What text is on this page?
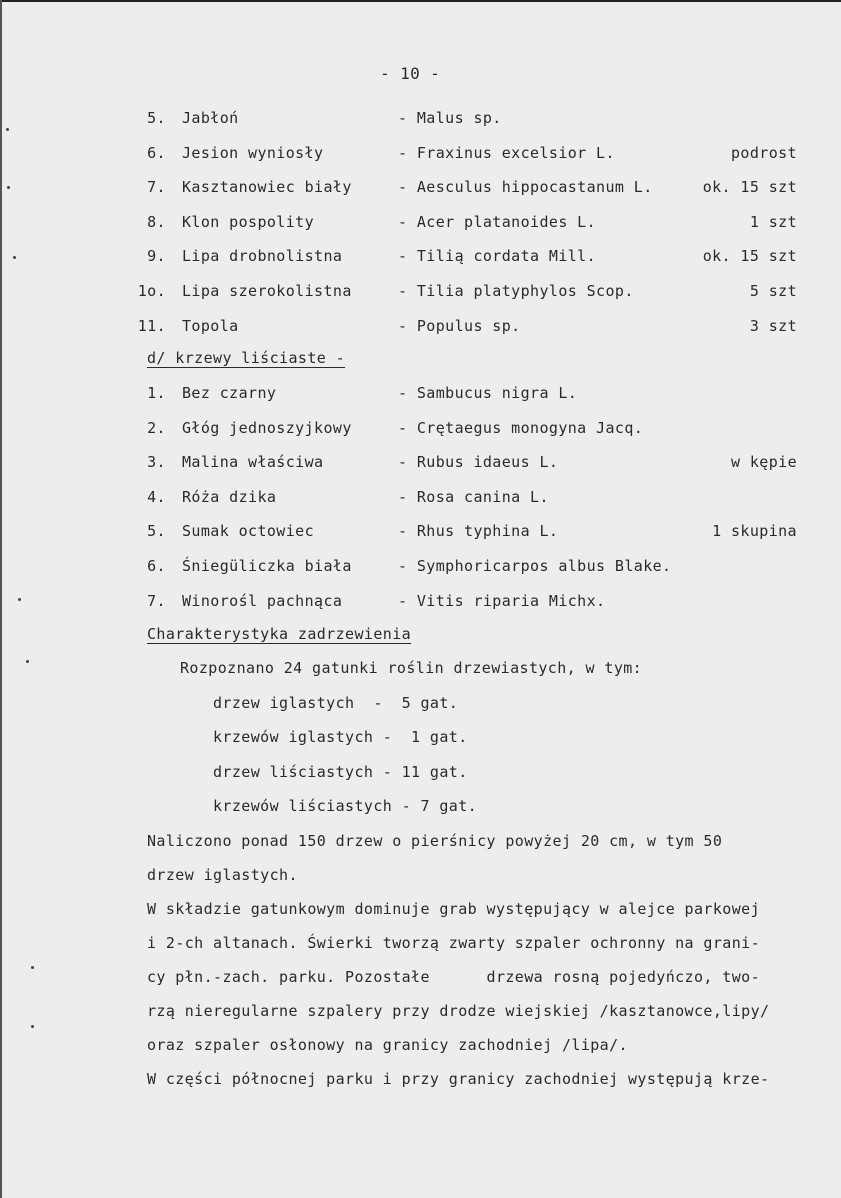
- 10 -
5. Jabłoń	- Malus sp.
6. Jesion wyniosły	- Fraxinus excelsior L.	podrost
7. Kasztanowiec biały	- Aesculus hippocastanum L.	ok. 15 szt
8. Klon pospolity	- Acer platanoides L.	1 szt
9. Lipa drobnolistna	- Tilią cordata Mill.	ok. 15 szt
1o. Lipa szerokolistna	- Tilia platyphylos Scop.	5 szt
11. Topola	- Populus sp.	3 szt
d/ krzewy liściaste -
1. Bez czarny	- Sambucus nigra L.
2. Głóg jednoszyjkowy	- Crętaegus monogyna Jacq.
3. Malina właściwa	- Rubus idaeus L.	w kępie
4. Róża dzika	- Rosa canina L.
5. Sumak octowiec	- Rhus typhina L.	1 skupina
6. Śniegüliczka biała	- Symphoricarpos albus Blake.
7. Winorośl pachnąca	- Vitis riparia Michx.
Charakterystyka zadrzewienia
Rozpoznano 24 gatunki roślin drzewiastych, w tym:
drzew iglastych  -  5 gat.
krzewów iglastych -  1 gat.
drzew liściastych - 11 gat.
krzewów liściastych - 7 gat.
Naliczono ponad 150 drzew o pierśnicy powyżej 20 cm, w tym 50
drzew iglastych.
W składzie gatunkowym dominuje grab występujący w alejce parkowej
i 2-ch altanach. Świerki tworzą zwarty szpaler ochronny na grani-
cy płn.-zach. parku. Pozostałe      drzewa rosną pojedyńczo, two-
rzą nieregularne szpalery przy drodze wiejskiej /kasztanowce,lipy/
oraz szpaler osłonowy na granicy zachodniej /lipa/.
W części północnej parku i przy granicy zachodniej występują krze-
